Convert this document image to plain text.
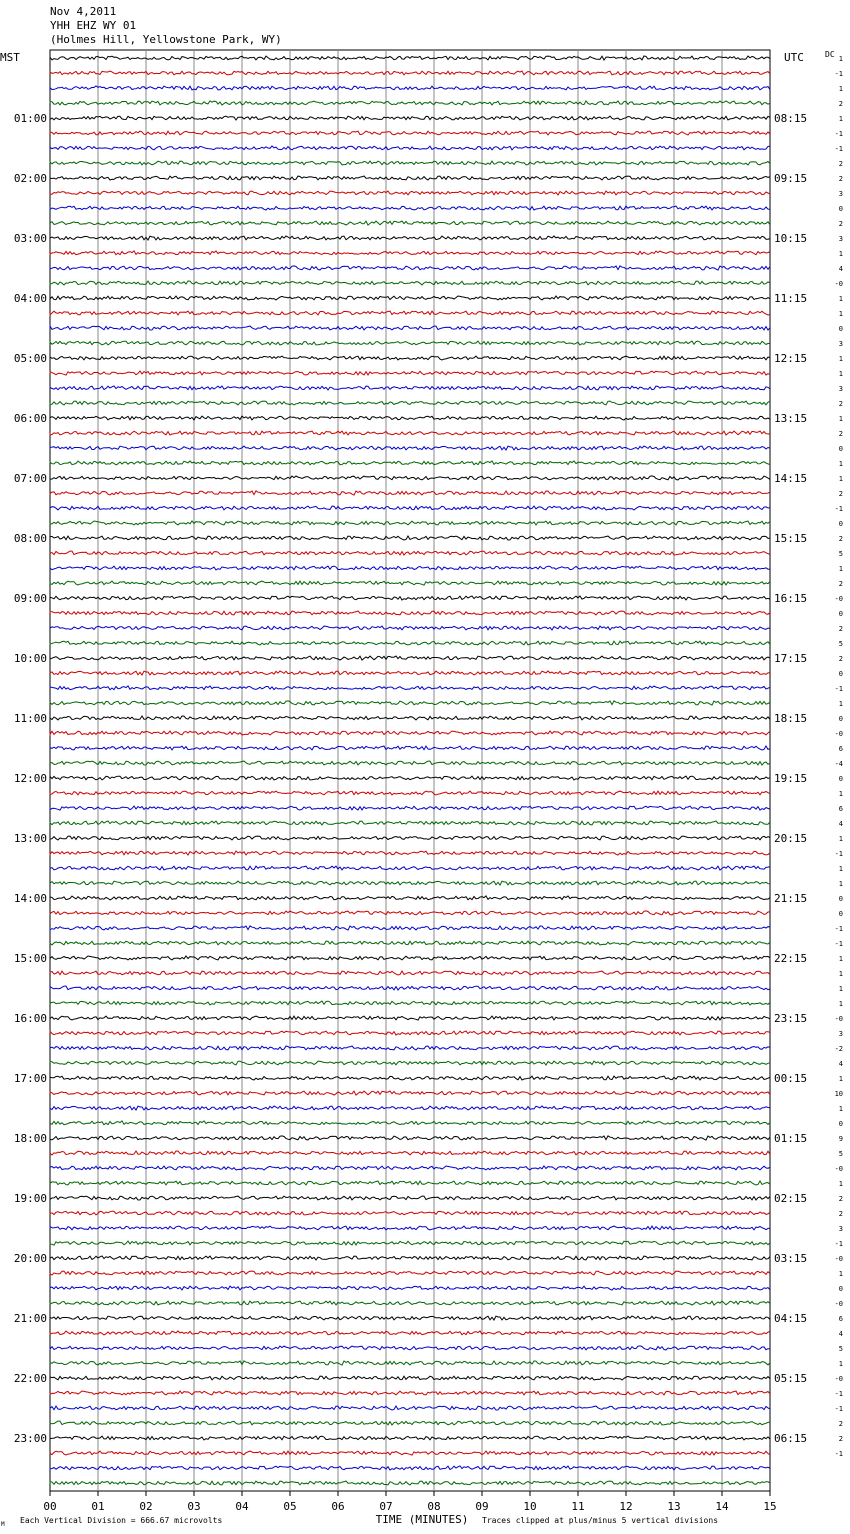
Nov 4,2011
YHH EHZ WY 01
(Holmes Hill, Yellowstone Park, WY)
MST	UTC	DC
01:00
02:00
03:00
04:00
05:00
06:00
07:00
08:00
09:00
10:00
11:00
12:00
13:00
14:00
15:00
16:00
17:00
18:00
19:00
20:00
21:00
22:00
23:00
08:15
09:15
10:15
11:15
12:15
13:15
14:15
15:15
16:15
17:15
18:15
19:15
20:15
21:15
22:15
23:15
00:15
01:15
02:15
03:15
04:15
05:15
06:15
1
-1
1
2
1
-1
-1
2
2
3
0
2
3
1
4
-0
1
1
0
3
1
1
3
2
1
2
0
1
1
2
-1
0
2
5
1
2
-0
0
2
5
2
0
-1
1
0
-0
6
-4
0
1
6
4
1
-1
1
1
0
0
-1
-1
1
1
1
1
-0
3
-2
4
1
10
1
0
9
5
-0
1
2
2
3
-1
-0
1
0
-0
6
4
5
1
-0
-1
-1
2
2
-1
00	01	02	03	04	05	06	07	08	09	10	11	12	13	14	15
TIME (MINUTES)
Each Vertical Division = 666.67 microvolts	Traces clipped at plus/minus 5 vertical divisions
M
